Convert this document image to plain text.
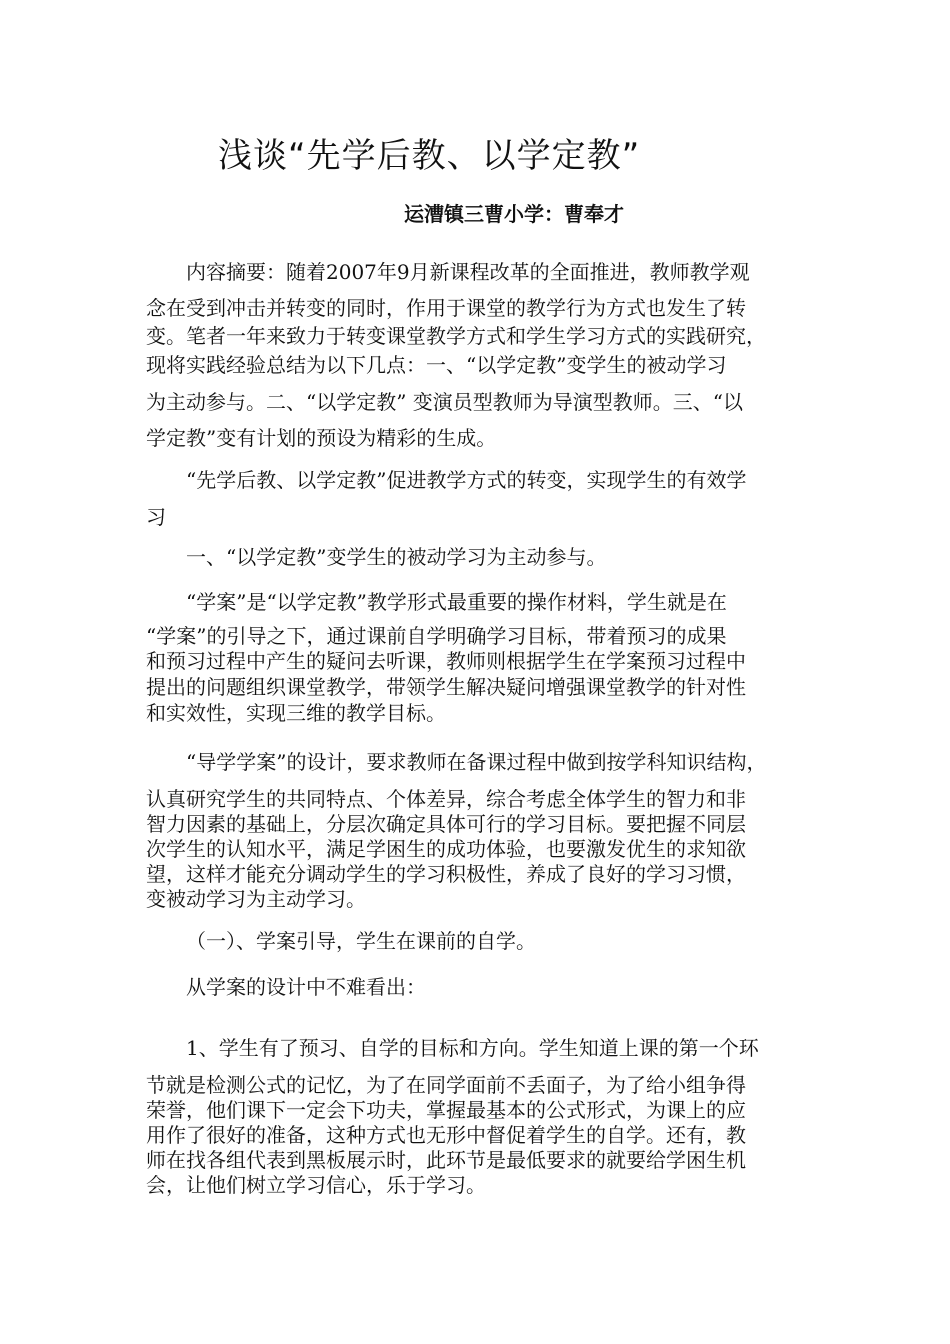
浅谈“先学后教、以学定教”
运漕镇三曹小学：曹奉才
内容摘要：随着2007年9月新课程改革的全面推进，教师教学观
念在受到冲击并转变的同时，作用于课堂的教学行为方式也发生了转
变。笔者一年来致力于转变课堂教学方式和学生学习方式的实践研究，
现将实践经验总结为以下几点：一、“以学定教”变学生的被动学习
为主动参与。二、“以学定教” 变演员型教师为导演型教师。三、“以
学定教”变有计划的预设为精彩的生成。
“先学后教、以学定教”促进教学方式的转变，实现学生的有效学
习
一、“以学定教”变学生的被动学习为主动参与。
“学案”是“以学定教”教学形式最重要的操作材料，学生就是在
“学案”的引导之下，通过课前自学明确学习目标，带着预习的成果
和预习过程中产生的疑问去听课，教师则根据学生在学案预习过程中
提出的问题组织课堂教学，带领学生解决疑问增强课堂教学的针对性
和实效性，实现三维的教学目标。
“导学学案”的设计，要求教师在备课过程中做到按学科知识结构，
认真研究学生的共同特点、个体差异，综合考虑全体学生的智力和非
智力因素的基础上，分层次确定具体可行的学习目标。要把握不同层
次学生的认知水平，满足学困生的成功体验，也要激发优生的求知欲
望，这样才能充分调动学生的学习积极性，养成了良好的学习习惯，
变被动学习为主动学习。
（一）、学案引导，学生在课前的自学。
从学案的设计中不难看出：
1、学生有了预习、自学的目标和方向。学生知道上课的第一个环
节就是检测公式的记忆，为了在同学面前不丢面子，为了给小组争得
荣誉，他们课下一定会下功夫，掌握最基本的公式形式，为课上的应
用作了很好的准备，这种方式也无形中督促着学生的自学。还有，教
师在找各组代表到黑板展示时，此环节是最低要求的就要给学困生机
会，让他们树立学习信心，乐于学习。
